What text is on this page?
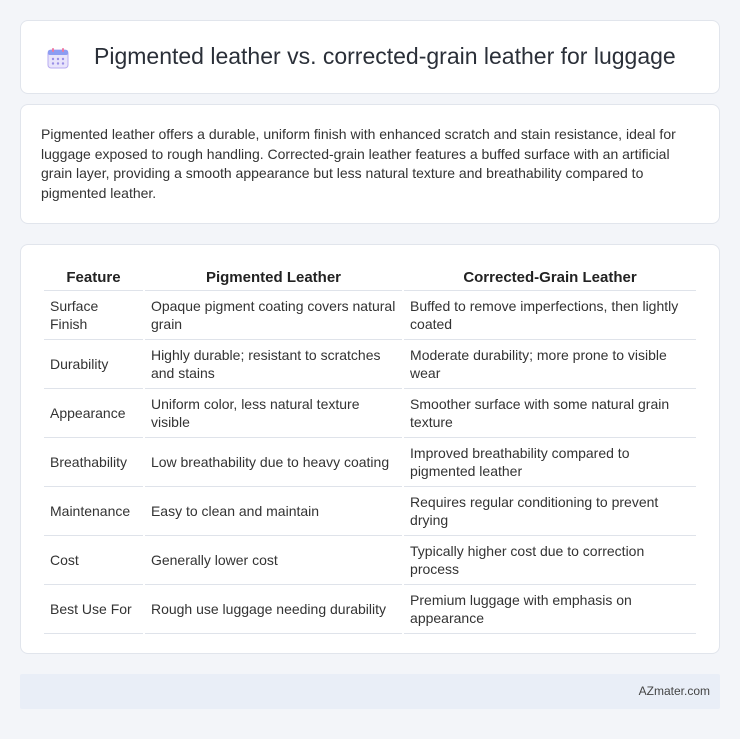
Pigmented leather vs. corrected-grain leather for luggage

Pigmented leather offers a durable, uniform finish with enhanced scratch and stain resistance, ideal for luggage exposed to rough handling. Corrected-grain leather features a buffed surface with an artificial grain layer, providing a smooth appearance but less natural texture and breathability compared to pigmented leather.

Feature	Pigmented Leather	Corrected-Grain Leather
Surface Finish	Opaque pigment coating covers natural grain	Buffed to remove imperfections, then lightly coated
Durability	Highly durable; resistant to scratches and stains	Moderate durability; more prone to visible wear
Appearance	Uniform color, less natural texture visible	Smoother surface with some natural grain texture
Breathability	Low breathability due to heavy coating	Improved breathability compared to pigmented leather
Maintenance	Easy to clean and maintain	Requires regular conditioning to prevent drying
Cost	Generally lower cost	Typically higher cost due to correction process
Best Use For	Rough use luggage needing durability	Premium luggage with emphasis on appearance
AZmater.com
